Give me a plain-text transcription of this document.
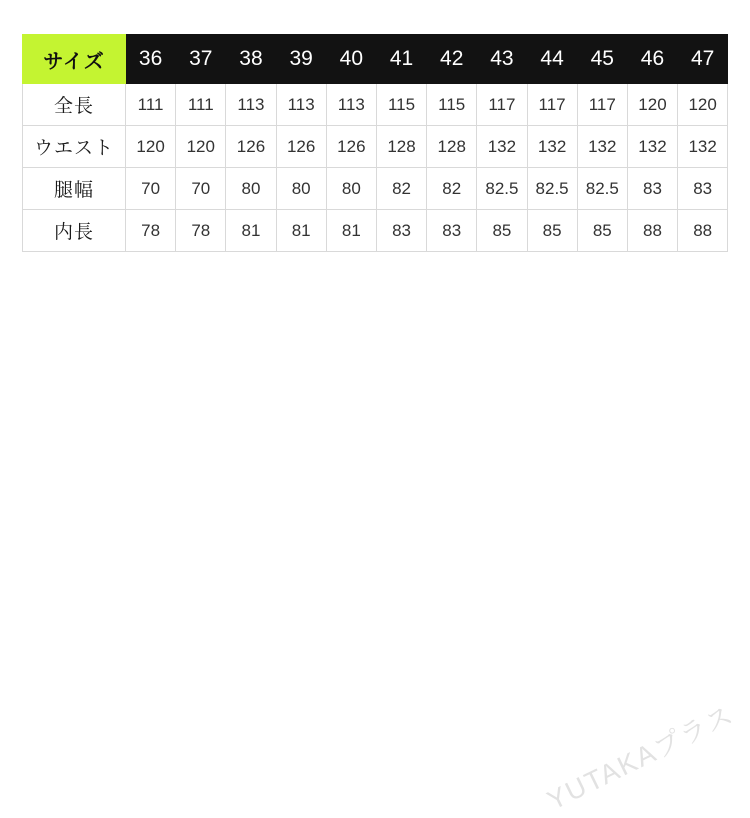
サイズ	36	37	38	39	40	41	42	43	44	45	46	47
全長	111	111	113	113	113	115	115	117	117	117	120	120
ウエスト	120	120	126	126	126	128	128	132	132	132	132	132
腿幅	70	70	80	80	80	82	82	82.5	82.5	82.5	83	83
内長	78	78	81	81	81	83	83	85	85	85	88	88
YUTAKAプラス
